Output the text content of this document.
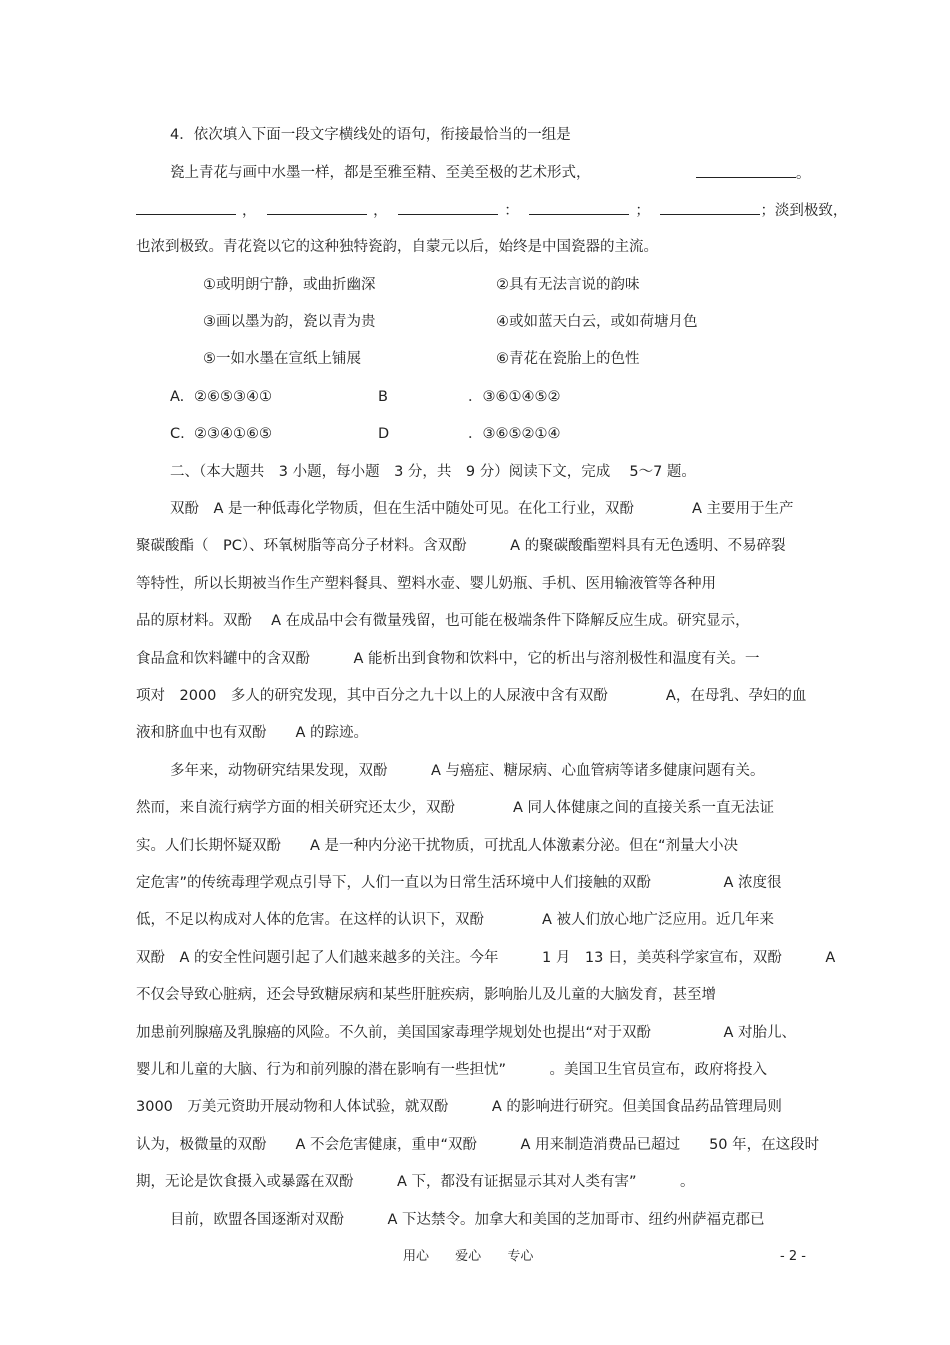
4．依次填入下面一段文字横线处的语句，衔接最恰当的一组是
瓷上青花与画中水墨一样，都是至雅至精、至美至极的艺术形式，	。
，	，	：	；	；淡到极致，
也浓到极致。青花瓷以它的这种独特瓷韵，自蒙元以后，始终是中国瓷器的主流。
①或明朗宁静，或曲折幽深	②具有无法言说的韵味
③画以墨为韵，瓷以青为贵	④或如蓝天白云，或如荷塘月色
⑤一如水墨在宣纸上铺展	⑥青花在瓷胎上的色性
A. ②⑥⑤③④①	B	．③⑥①④⑤②
C. ②③④①⑥⑤	D	．③⑥⑤②①④
二、（本大题共　3 小题，每小题　3 分，共　9 分）阅读下文，完成　 5～7 题。
双酚　A 是一种低毒化学物质，但在生活中随处可见。在化工行业，双酚　　　　A 主要用于生产
聚碳酸酯（　PC）、环氧树脂等高分子材料。含双酚　　　A 的聚碳酸酯塑料具有无色透明、不易碎裂
等特性，所以长期被当作生产塑料餐具、塑料水壶、婴儿奶瓶、手机、医用输液管等各种用
品的原材料。双酚　 A 在成品中会有微量残留，也可能在极端条件下降解反应生成。研究显示，
食品盒和饮料罐中的含双酚　　　A 能析出到食物和饮料中，它的析出与溶剂极性和温度有关。一
项对　2000　多人的研究发现，其中百分之九十以上的人尿液中含有双酚　　　　A，在母乳、孕妇的血
液和脐血中也有双酚　　A 的踪迹。
多年来，动物研究结果发现，双酚　　　A 与癌症、糖尿病、心血管病等诸多健康问题有关。
然而，来自流行病学方面的相关研究还太少，双酚　　　　A 同人体健康之间的直接关系一直无法证
实。人们长期怀疑双酚　　A 是一种内分泌干扰物质，可扰乱人体激素分泌。但在“剂量大小决
定危害”的传统毒理学观点引导下，人们一直以为日常生活环境中人们接触的双酚　　　　　A 浓度很
低，不足以构成对人体的危害。在这样的认识下，双酚　　　　A 被人们放心地广泛应用。近几年来
双酚　A 的安全性问题引起了人们越来越多的关注。今年　　　1 月　13 日，美英科学家宣布，双酚　　　A
不仅会导致心脏病，还会导致糖尿病和某些肝脏疾病，影响胎儿及儿童的大脑发育，甚至增
加患前列腺癌及乳腺癌的风险。不久前，美国国家毒理学规划处也提出“对于双酚　　　　　A 对胎儿、
婴儿和儿童的大脑、行为和前列腺的潜在影响有一些担忧”　　　。美国卫生官员宣布，政府将投入
3000　万美元资助开展动物和人体试验，就双酚　　　A 的影响进行研究。但美国食品药品管理局则
认为，极微量的双酚　　A 不会危害健康，重申“双酚　　　A 用来制造消费品已超过　　50 年，在这段时
期，无论是饮食摄入或暴露在双酚　　　A 下，都没有证据显示其对人类有害”　　　。
目前，欧盟各国逐渐对双酚　　　A 下达禁令。加拿大和美国的芝加哥市、纽约州萨福克郡已
用心 爱心 专心	- 2 -
